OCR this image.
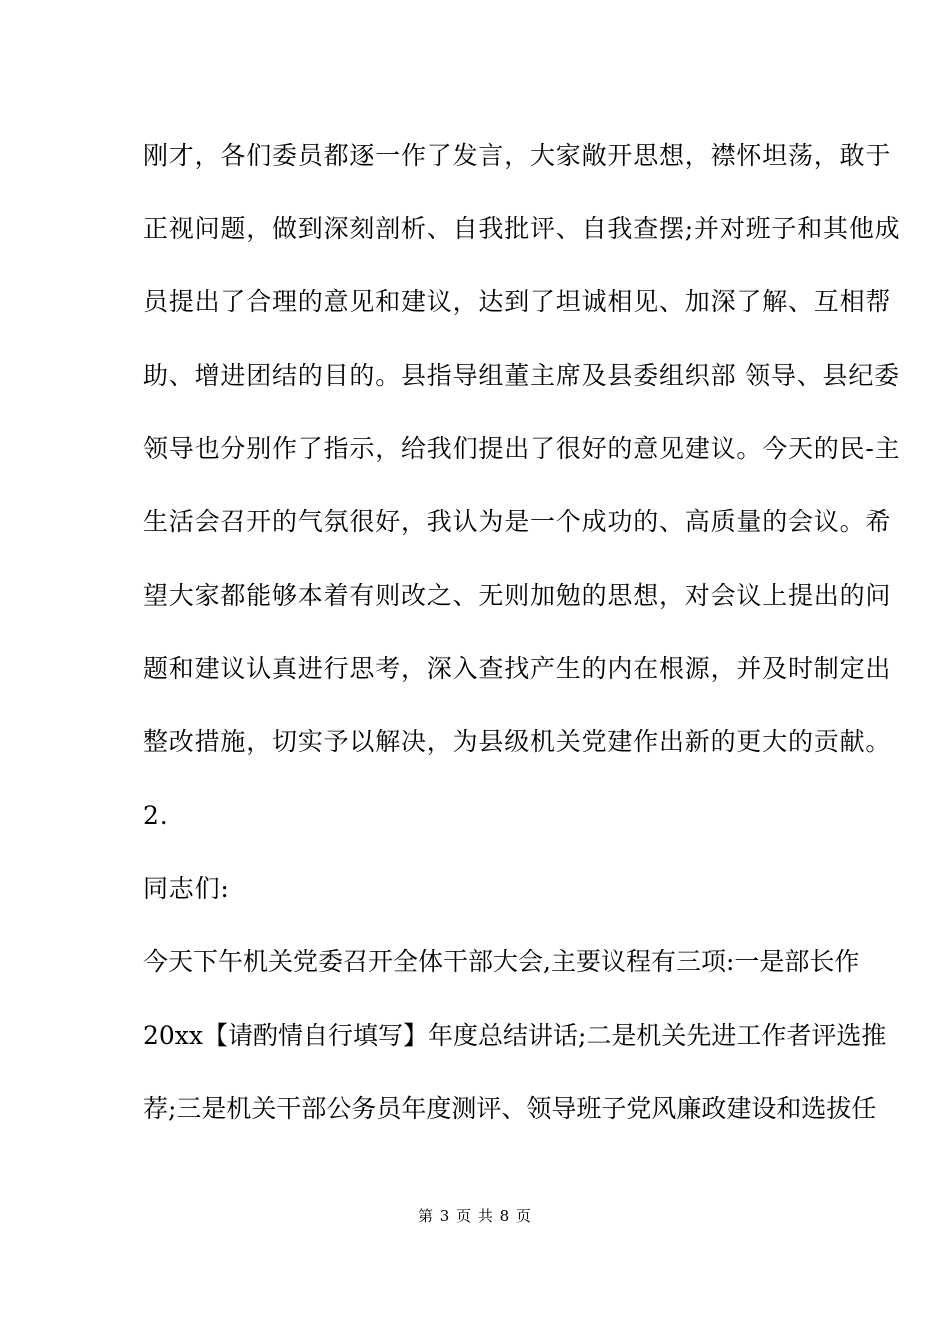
刚才，各们委员都逐一作了发言，大家敞开思想，襟怀坦荡，敢于
正视问题，做到深刻剖析、自我批评、自我查摆;并对班子和其他成
员提出了合理的意见和建议，达到了坦诚相见、加深了解、互相帮
助、增进团结的目的。县指导组董主席及县委组织部 领导、县纪委
领导也分别作了指示，给我们提出了很好的意见建议。今天的民-主
生活会召开的气氛很好，我认为是一个成功的、高质量的会议。希
望大家都能够本着有则改之、无则加勉的思想，对会议上提出的问
题和建议认真进行思考，深入查找产生的内在根源，并及时制定出
整改措施，切实予以解决，为县级机关党建作出新的更大的贡献。
2.
同志们:
今天下午机关党委召开全体干部大会,主要议程有三项:一是部长作
20xx【请酌情自行填写】年度总结讲话;二是机关先进工作者评选推
荐;三是机关干部公务员年度测评、领导班子党风廉政建设和选拔任
第 3 页 共 8 页
